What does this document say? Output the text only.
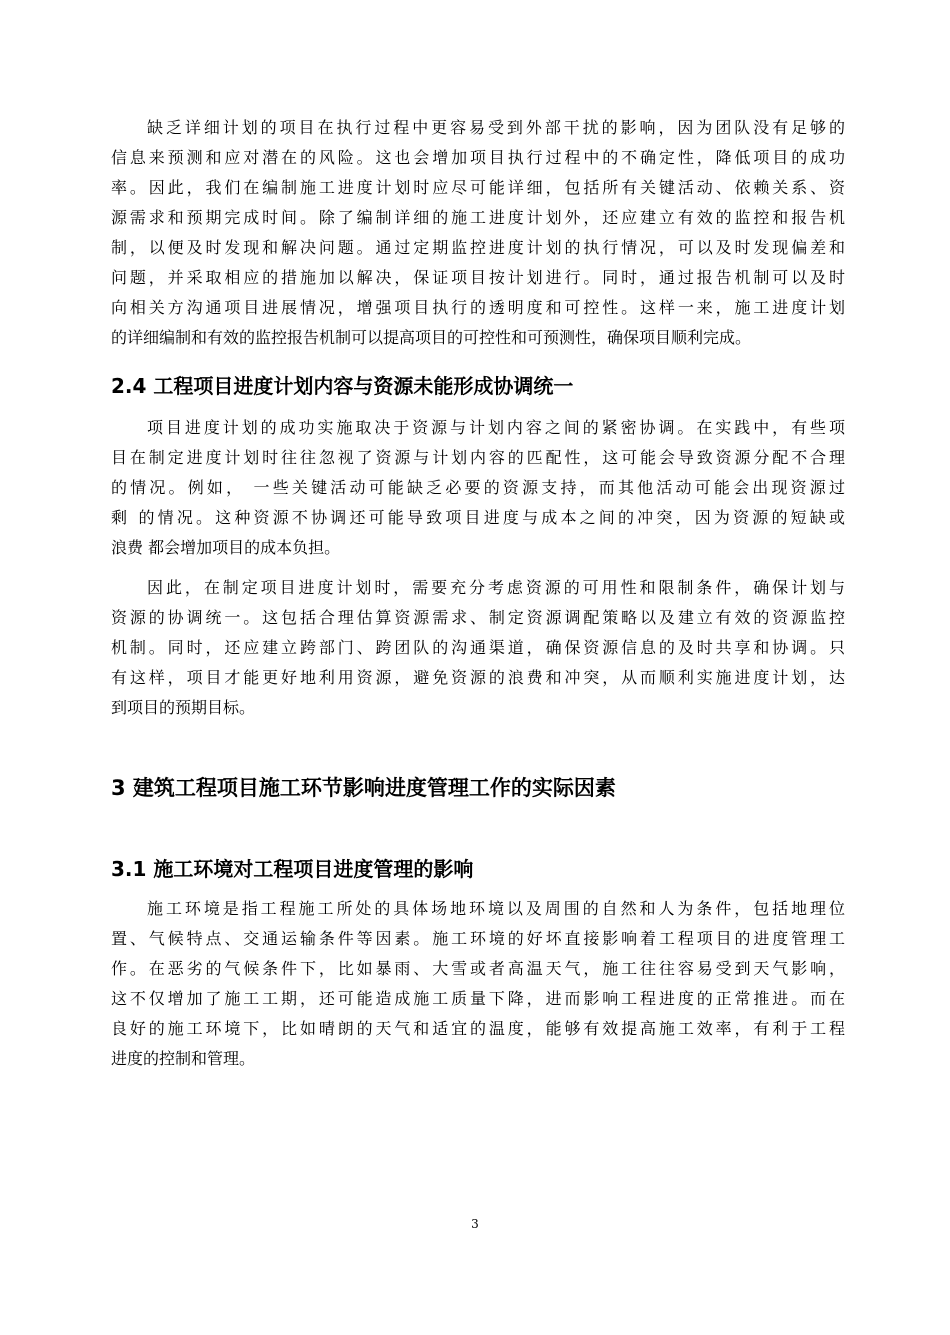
缺乏详细计划的项目在执行过程中更容易受到外部干扰的影响，因为团队没有足够的
信息来预测和应对潜在的风险。这也会增加项目执行过程中的不确定性，降低项目的成功
率。因此，我们在编制施工进度计划时应尽可能详细，包括所有关键活动、依赖关系、资
源需求和预期完成时间。除了编制详细的施工进度计划外，还应建立有效的监控和报告机
制，以便及时发现和解决问题。通过定期监控进度计划的执行情况，可以及时发现偏差和
问题，并采取相应的措施加以解决，保证项目按计划进行。同时，通过报告机制可以及时
向相关方沟通项目进展情况，增强项目执行的透明度和可控性。这样一来，施工进度计划
的详细编制和有效的监控报告机制可以提高项目的可控性和可预测性，确保项目顺利完成。
2.4 工程项目进度计划内容与资源未能形成协调统一
项目进度计划的成功实施取决于资源与计划内容之间的紧密协调。在实践中，有些项
目在制定进度计划时往往忽视了资源与计划内容的匹配性，这可能会导致资源分配不合理
的情况。例如， 一些关键活动可能缺乏必要的资源支持，而其他活动可能会出现资源过
剩 的情况。这种资源不协调还可能导致项目进度与成本之间的冲突，因为资源的短缺或
浪费 都会增加项目的成本负担。
因此，在制定项目进度计划时，需要充分考虑资源的可用性和限制条件，确保计划与
资源的协调统一。这包括合理估算资源需求、制定资源调配策略以及建立有效的资源监控
机制。同时，还应建立跨部门、跨团队的沟通渠道，确保资源信息的及时共享和协调。只
有这样，项目才能更好地利用资源，避免资源的浪费和冲突，从而顺利实施进度计划，达
到项目的预期目标。
3 建筑工程项目施工环节影响进度管理工作的实际因素
3.1 施工环境对工程项目进度管理的影响
施工环境是指工程施工所处的具体场地环境以及周围的自然和人为条件，包括地理位
置、气候特点、交通运输条件等因素。施工环境的好坏直接影响着工程项目的进度管理工
作。在恶劣的气候条件下，比如暴雨、大雪或者高温天气，施工往往容易受到天气影响，
这不仅增加了施工工期，还可能造成施工质量下降，进而影响工程进度的正常推进。而在
良好的施工环境下，比如晴朗的天气和适宜的温度，能够有效提高施工效率，有利于工程
进度的控制和管理。

3
